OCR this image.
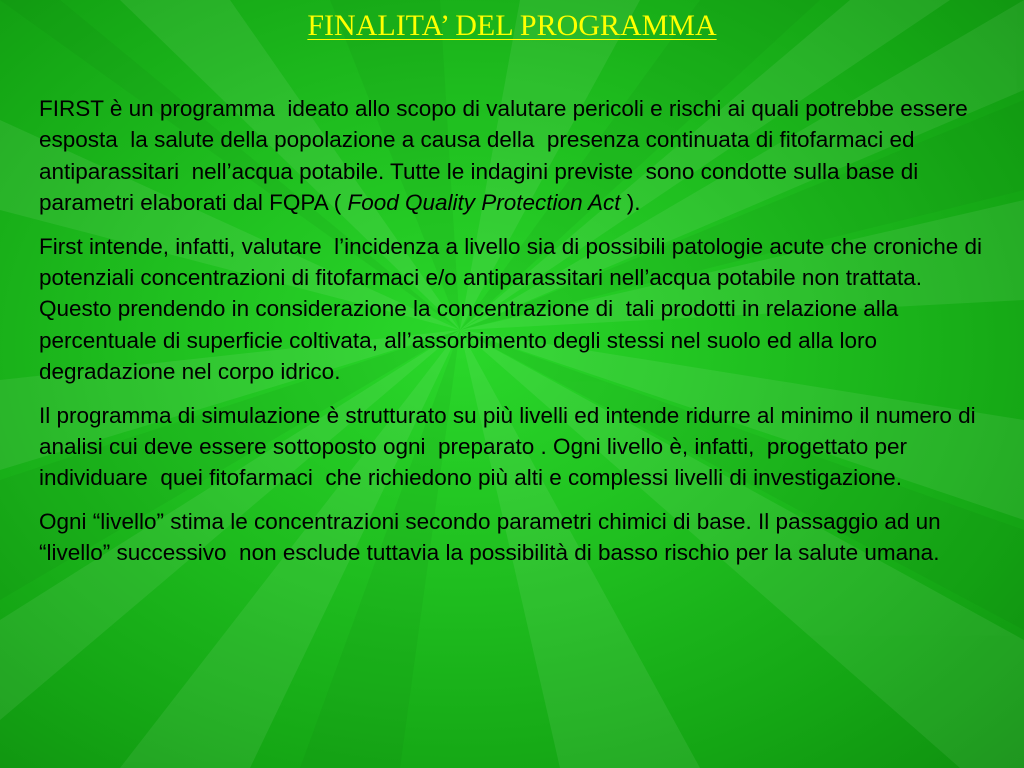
FINALITA’ DEL PROGRAMMA

FIRST è un programma  ideato allo scopo di valutare pericoli e rischi ai quali potrebbe essere esposta  la salute della popolazione a causa della  presenza continuata di fitofarmaci ed antiparassitari  nell’acqua potabile. Tutte le indagini previste  sono condotte sulla base di parametri elaborati dal FQPA ( Food Quality Protection Act ).

First intende, infatti, valutare  l’incidenza a livello sia di possibili patologie acute che croniche di potenziali concentrazioni di fitofarmaci e/o antiparassitari nell’acqua potabile non trattata. Questo prendendo in considerazione la concentrazione di  tali prodotti in relazione alla percentuale di superficie coltivata, all’assorbimento degli stessi nel suolo ed alla loro  degradazione nel corpo idrico.

Il programma di simulazione è strutturato su più livelli ed intende ridurre al minimo il numero di analisi cui deve essere sottoposto ogni  preparato . Ogni livello è, infatti,  progettato per individuare  quei fitofarmaci  che richiedono più alti e complessi livelli di investigazione.

Ogni “livello” stima le concentrazioni secondo parametri chimici di base. Il passaggio ad un “livello” successivo  non esclude tuttavia la possibilità di basso rischio per la salute umana.
